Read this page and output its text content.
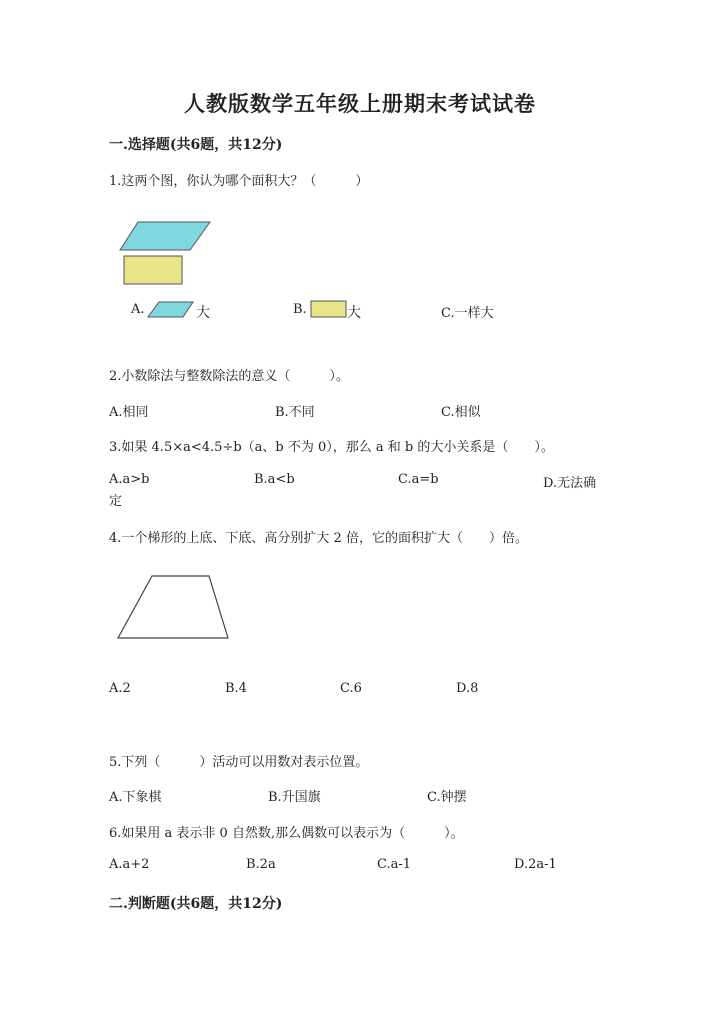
人教版数学五年级上册期末考试试卷
一.选择题(共6题，共12分)
1.这两个图，你认为哪个面积大？（　　　）
A.	大	B.	大	C.一样大
2.小数除法与整数除法的意义（　　　）。
A.相同	B.不同	C.相似
3.如果 4.5×a<4.5÷b（a、b 不为 0），那么 a 和 b 的大小关系是（　　）。
A.a>b	B.a<b	C.a=b	D.无法确
定
4.一个梯形的上底、下底、高分别扩大 2 倍，它的面积扩大（　　）倍。
A.2	B.4	C.6	D.8
5.下列（　　　）活动可以用数对表示位置。
A.下象棋	B.升国旗	C.钟摆
6.如果用 a 表示非 0 自然数,那么偶数可以表示为（　　　）。
A.a+2	B.2a	C.a-1	D.2a-1
二.判断题(共6题，共12分)
